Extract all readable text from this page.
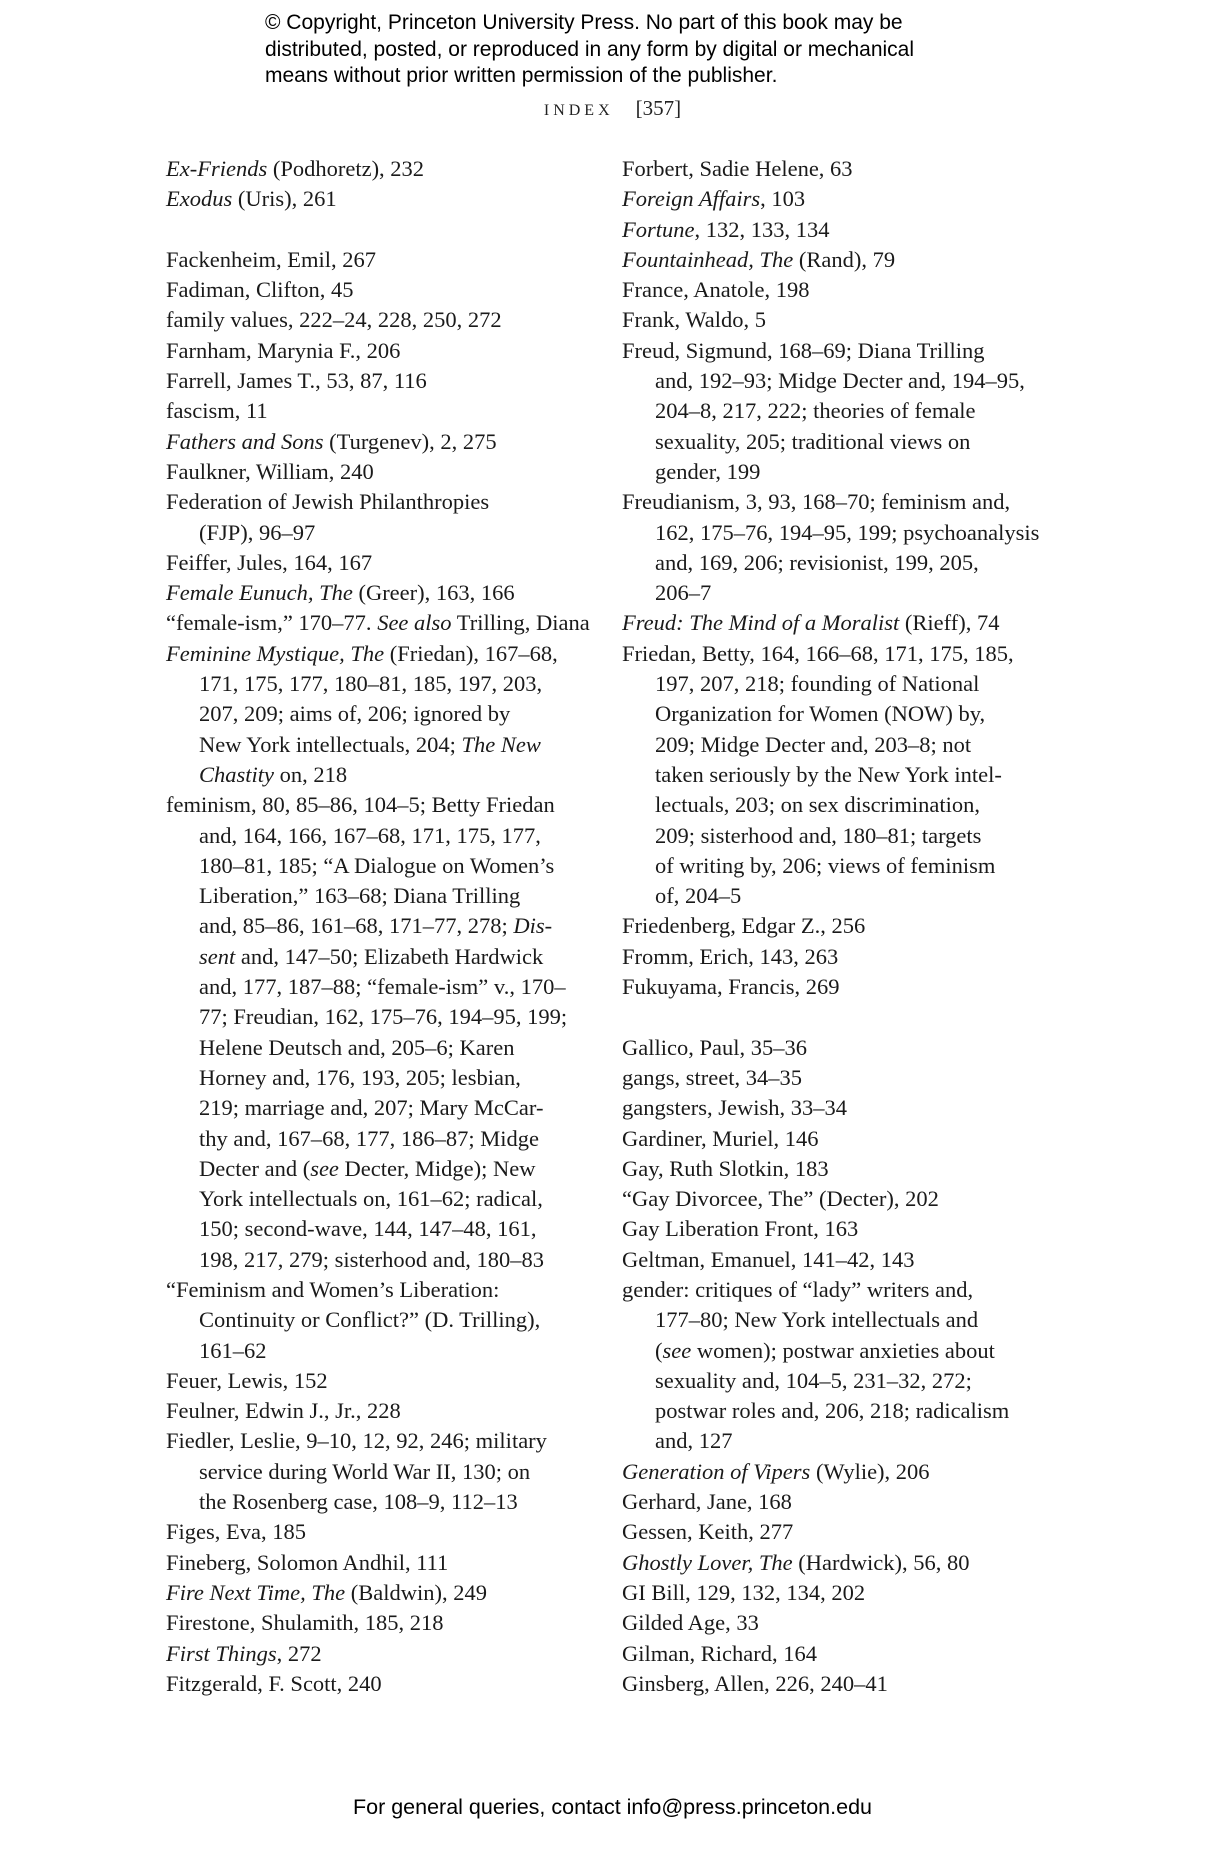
© Copyright, Princeton University Press. No part of this book may be
distributed, posted, or reproduced in any form by digital or mechanical
means without prior written permission of the publisher.
INDEX [357]
Ex-Friends (Podhoretz), 232
Exodus (Uris), 261
Fackenheim, Emil, 267
Fadiman, Clifton, 45
family values, 222–24, 228, 250, 272
Farnham, Marynia F., 206
Farrell, James T., 53, 87, 116
fascism, 11
Fathers and Sons (Turgenev), 2, 275
Faulkner, William, 240
Federation of Jewish Philanthropies
(FJP), 96–97
Feiffer, Jules, 164, 167
Female Eunuch, The (Greer), 163, 166
“female-ism,” 170–77. See also Trilling, Diana
Feminine Mystique, The (Friedan), 167–68,
171, 175, 177, 180–81, 185, 197, 203,
207, 209; aims of, 206; ignored by
New York intellectuals, 204; The New
Chastity on, 218
feminism, 80, 85–86, 104–5; Betty Friedan
and, 164, 166, 167–68, 171, 175, 177,
180–81, 185; “A Dialogue on Women’s
Liberation,” 163–68; Diana Trilling
and, 85–86, 161–68, 171–77, 278; Dis-
sent and, 147–50; Elizabeth Hardwick
and, 177, 187–88; “female-ism” v., 170–
77; Freudian, 162, 175–76, 194–95, 199;
Helene Deutsch and, 205–6; Karen
Horney and, 176, 193, 205; lesbian,
219; marriage and, 207; Mary McCar-
thy and, 167–68, 177, 186–87; Midge
Decter and (see Decter, Midge); New
York intellectuals on, 161–62; radical,
150; second-wave, 144, 147–48, 161,
198, 217, 279; sisterhood and, 180–83
“Feminism and Women’s Liberation:
Continuity or Conflict?” (D. Trilling),
161–62
Feuer, Lewis, 152
Feulner, Edwin J., Jr., 228
Fiedler, Leslie, 9–10, 12, 92, 246; military
service during World War II, 130; on
the Rosenberg case, 108–9, 112–13
Figes, Eva, 185
Fineberg, Solomon Andhil, 111
Fire Next Time, The (Baldwin), 249
Firestone, Shulamith, 185, 218
First Things, 272
Fitzgerald, F. Scott, 240
Forbert, Sadie Helene, 63
Foreign Affairs, 103
Fortune, 132, 133, 134
Fountainhead, The (Rand), 79
France, Anatole, 198
Frank, Waldo, 5
Freud, Sigmund, 168–69; Diana Trilling
and, 192–93; Midge Decter and, 194–95,
204–8, 217, 222; theories of female
sexuality, 205; traditional views on
gender, 199
Freudianism, 3, 93, 168–70; feminism and,
162, 175–76, 194–95, 199; psychoanalysis
and, 169, 206; revisionist, 199, 205,
206–7
Freud: The Mind of a Moralist (Rieff), 74
Friedan, Betty, 164, 166–68, 171, 175, 185,
197, 207, 218; founding of National
Organization for Women (NOW) by,
209; Midge Decter and, 203–8; not
taken seriously by the New York intel-
lectuals, 203; on sex discrimination,
209; sisterhood and, 180–81; targets
of writing by, 206; views of feminism
of, 204–5
Friedenberg, Edgar Z., 256
Fromm, Erich, 143, 263
Fukuyama, Francis, 269
Gallico, Paul, 35–36
gangs, street, 34–35
gangsters, Jewish, 33–34
Gardiner, Muriel, 146
Gay, Ruth Slotkin, 183
“Gay Divorcee, The” (Decter), 202
Gay Liberation Front, 163
Geltman, Emanuel, 141–42, 143
gender: critiques of “lady” writers and,
177–80; New York intellectuals and
(see women); postwar anxieties about
sexuality and, 104–5, 231–32, 272;
postwar roles and, 206, 218; radicalism
and, 127
Generation of Vipers (Wylie), 206
Gerhard, Jane, 168
Gessen, Keith, 277
Ghostly Lover, The (Hardwick), 56, 80
GI Bill, 129, 132, 134, 202
Gilded Age, 33
Gilman, Richard, 164
Ginsberg, Allen, 226, 240–41
For general queries, contact info@press.princeton.edu
